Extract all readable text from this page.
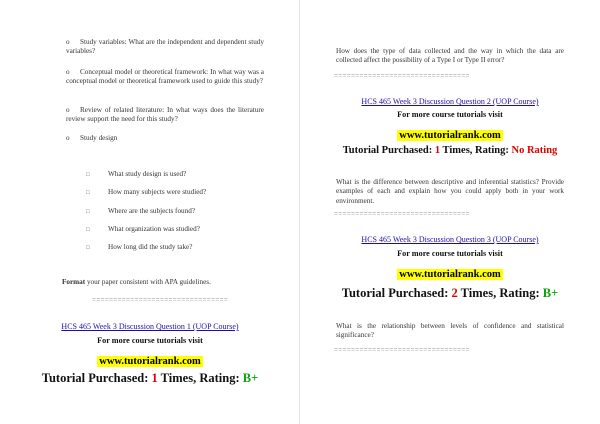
o Study variables: What are the independent and dependent study variables?
o Conceptual model or theoretical framework: In what way was a conceptual model or theoretical framework used to guide this study?
o Review of related literature: In what ways does the literature review support the need for this study?
o Study design
□	What study design is used?
□	How many subjects were studied?
□	Where are the subjects found?
□	What organization was studied?
□	How long did the study take?
Format your paper consistent with APA guidelines.
================================
HCS 465 Week 3 Discussion Question 1 (UOP Course)
For more course tutorials visit
www.tutorialrank.com
Tutorial Purchased: 1 Times, Rating: B+
How does the type of data collected and the way in which the data are collected affect the possibility of a Type I or Type II error?
================================
HCS 465 Week 3 Discussion Question 2 (UOP Course)
For more course tutorials visit
www.tutorialrank.com
Tutorial Purchased: 1 Times, Rating: No Rating
What is the difference between descriptive and inferential statistics? Provide examples of each and explain how you could apply both in your work environment.
================================
HCS 465 Week 3 Discussion Question 3 (UOP Course)
For more course tutorials visit
www.tutorialrank.com
Tutorial Purchased: 2 Times, Rating: B+
What is the relationship between levels of confidence and statistical significance?
================================
